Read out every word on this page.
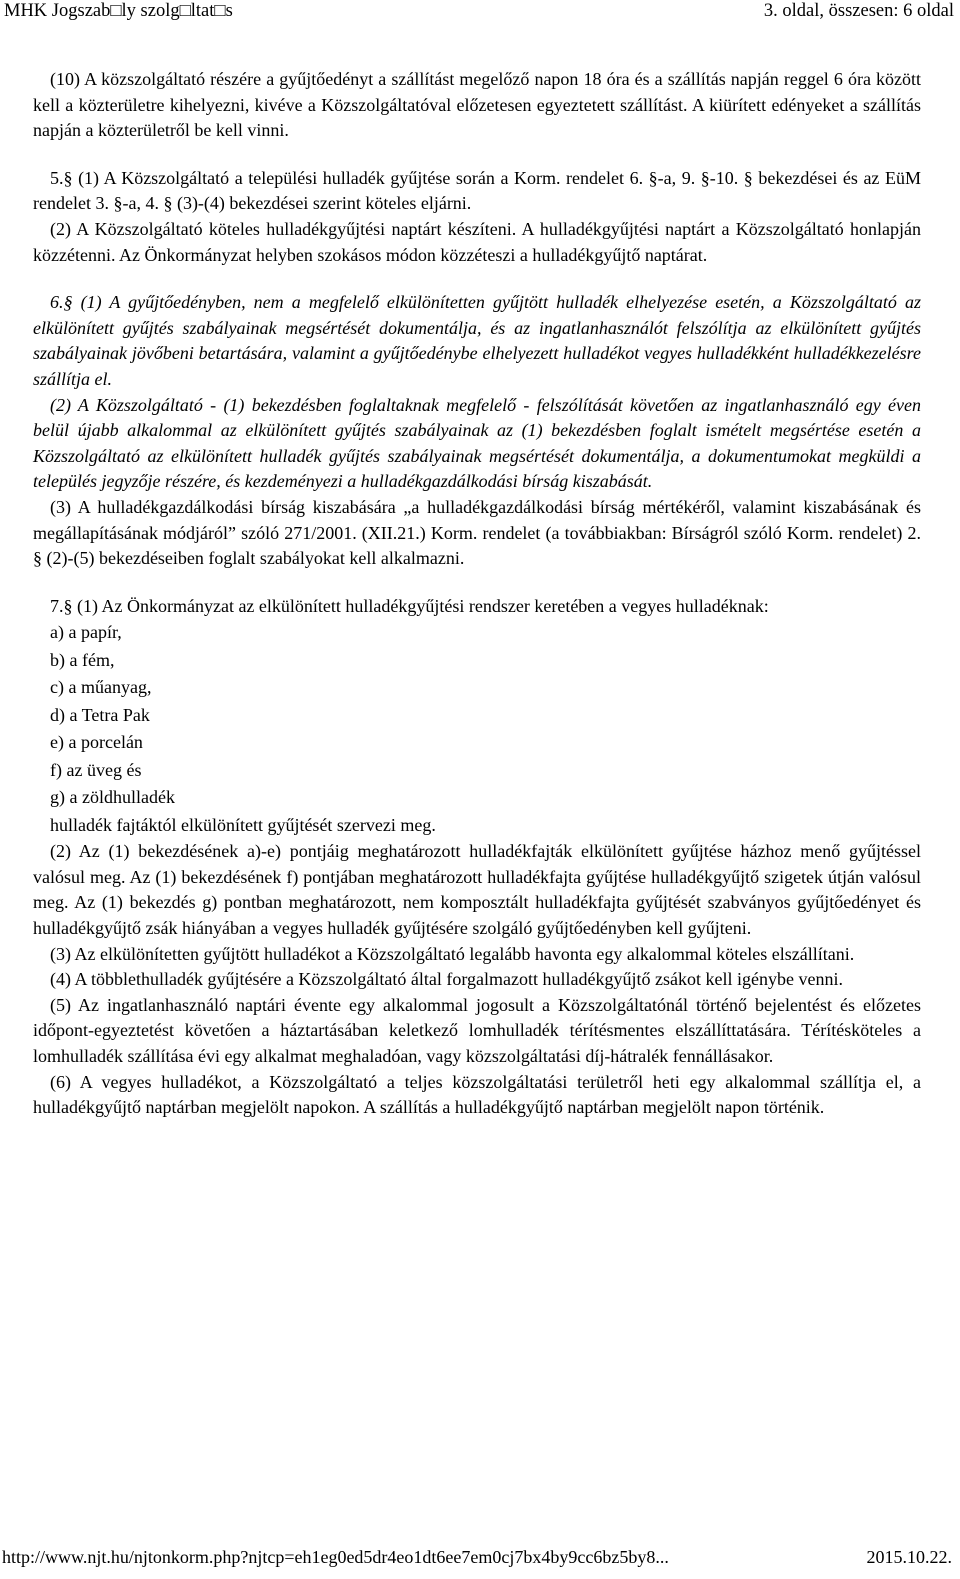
MHK Jogszab□ly szolg□ltat□s	3. oldal, összesen: 6 oldal

(10) A közszolgáltató részére a gyűjtőedényt a szállítást megelőző napon 18 óra és a szállítás napján reggel 6 óra között kell a közterületre kihelyezni, kivéve a Közszolgáltatóval előzetesen egyeztetett szállítást. A kiürített edényeket a szállítás napján a közterületről be kell vinni.

5.§ (1) A Közszolgáltató a települési hulladék gyűjtése során a Korm. rendelet 6. §-a, 9. §-10. § bekezdései és az EüM rendelet 3. §-a, 4. § (3)-(4) bekezdései szerint köteles eljárni.

(2) A Közszolgáltató köteles hulladékgyűjtési naptárt készíteni. A hulladékgyűjtési naptárt a Közszolgáltató honlapján közzétenni. Az Önkormányzat helyben szokásos módon közzéteszi a hulladékgyűjtő naptárat.

6.§ (1) A gyűjtőedényben, nem a megfelelő elkülönítetten gyűjtött hulladék elhelyezése esetén, a Közszolgáltató az elkülönített gyűjtés szabályainak megsértését dokumentálja, és az ingatlanhasználót felszólítja az elkülönített gyűjtés szabályainak jövőbeni betartására, valamint a gyűjtőedénybe elhelyezett hulladékot vegyes hulladékként hulladékkezelésre szállítja el.

(2) A Közszolgáltató - (1) bekezdésben foglaltaknak megfelelő - felszólítását követően az ingatlanhasználó egy éven belül újabb alkalommal az elkülönített gyűjtés szabályainak az (1) bekezdésben foglalt ismételt megsértése esetén a Közszolgáltató az elkülönített hulladék gyűjtés szabályainak megsértését dokumentálja, a dokumentumokat megküldi a település jegyzője részére, és kezdeményezi a hulladékgazdálkodási bírság kiszabását.

(3) A hulladékgazdálkodási bírság kiszabására „a hulladékgazdálkodási bírság mértékéről, valamint kiszabásának és megállapításának módjáról” szóló 271/2001. (XII.21.) Korm. rendelet (a továbbiakban: Bírságról szóló Korm. rendelet) 2. § (2)-(5) bekezdéseiben foglalt szabályokat kell alkalmazni.

7.§ (1) Az Önkormányzat az elkülönített hulladékgyűjtési rendszer keretében a vegyes hulladéknak:

a) a papír,

b) a fém,

c) a műanyag,

d) a Tetra Pak

e) a porcelán

f) az üveg és

g) a zöldhulladék

hulladék fajtáktól elkülönített gyűjtését szervezi meg.

(2) Az (1) bekezdésének a)-e) pontjáig meghatározott hulladékfajták elkülönített gyűjtése házhoz menő gyűjtéssel valósul meg. Az (1) bekezdésének f) pontjában meghatározott hulladékfajta gyűjtése hulladékgyűjtő szigetek útján valósul meg. Az (1) bekezdés g) pontban meghatározott, nem komposztált hulladékfajta gyűjtését szabványos gyűjtőedényet és hulladékgyűjtő zsák hiányában a vegyes hulladék gyűjtésére szolgáló gyűjtőedényben kell gyűjteni.

(3) Az elkülönítetten gyűjtött hulladékot a Közszolgáltató legalább havonta egy alkalommal köteles elszállítani.

(4) A többlethulladék gyűjtésére a Közszolgáltató által forgalmazott hulladékgyűjtő zsákot kell igénybe venni.

(5) Az ingatlanhasználó naptári évente egy alkalommal jogosult a Közszolgáltatónál történő bejelentést és előzetes időpont-egyeztetést követően a háztartásában keletkező lomhulladék térítésmentes elszállíttatására. Térítésköteles a lomhulladék szállítása évi egy alkalmat meghaladóan, vagy közszolgáltatási díj-hátralék fennállásakor.

(6) A vegyes hulladékot, a Közszolgáltató a teljes közszolgáltatási területről heti egy alkalommal szállítja el, a hulladékgyűjtő naptárban megjelölt napokon. A szállítás a hulladékgyűjtő naptárban megjelölt napon történik.

http://www.njt.hu/njtonkorm.php?njtcp=eh1eg0ed5dr4eo1dt6ee7em0cj7bx4by9cc6bz5by8...	2015.10.22.
